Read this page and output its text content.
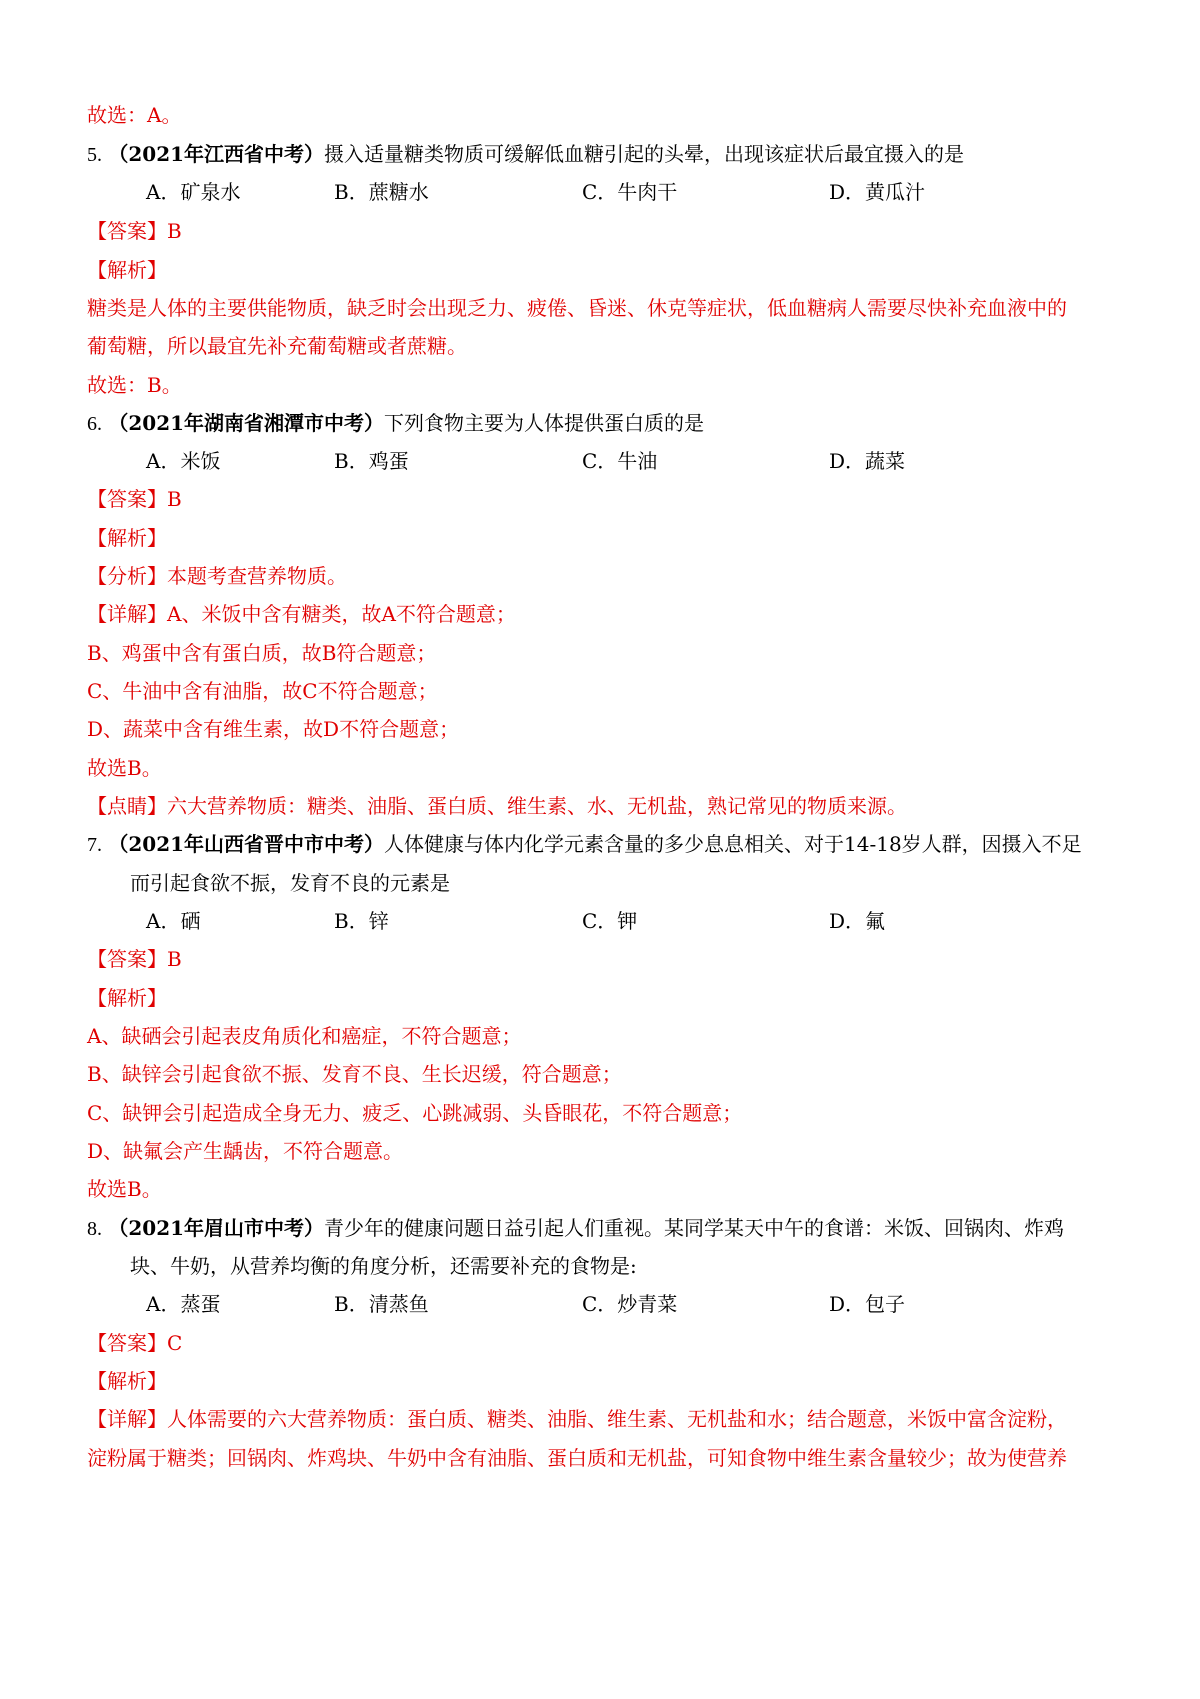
故选：A。
5. （2021年江西省中考）摄入适量糖类物质可缓解低血糖引起的头晕，出现该症状后最宜摄入的是
A．矿泉水	B．蔗糖水	C．牛肉干	D．黄瓜汁
【答案】B
【解析】
糖类是人体的主要供能物质，缺乏时会出现乏力、疲倦、昏迷、休克等症状，低血糖病人需要尽快补充血液中的
葡萄糖，所以最宜先补充葡萄糖或者蔗糖。
故选：B。
6. （2021年湖南省湘潭市中考）下列食物主要为人体提供蛋白质的是
A．米饭	B．鸡蛋	C．牛油	D．蔬菜
【答案】B
【解析】
【分析】本题考查营养物质。
【详解】A、米饭中含有糖类，故A不符合题意；
B、鸡蛋中含有蛋白质，故B符合题意；
C、牛油中含有油脂，故C不符合题意；
D、蔬菜中含有维生素，故D不符合题意；
故选B。
【点睛】六大营养物质：糖类、油脂、蛋白质、维生素、水、无机盐，熟记常见的物质来源。
7. （2021年山西省晋中市中考）人体健康与体内化学元素含量的多少息息相关、对于14-18岁人群，因摄入不足
而引起食欲不振，发育不良的元素是
A．硒	B．锌	C．钾	D．氟
【答案】B
【解析】
A、缺硒会引起表皮角质化和癌症，不符合题意；
B、缺锌会引起食欲不振、发育不良、生长迟缓，符合题意；
C、缺钾会引起造成全身无力、疲乏、心跳减弱、头昏眼花，不符合题意；
D、缺氟会产生龋齿，不符合题意。
故选B。
8. （2021年眉山市中考）青少年的健康问题日益引起人们重视。某同学某天中午的食谱：米饭、回锅肉、炸鸡
块、牛奶，从营养均衡的角度分析，还需要补充的食物是:
A．蒸蛋	B．清蒸鱼	C．炒青菜	D．包子
【答案】C
【解析】
【详解】人体需要的六大营养物质：蛋白质、糖类、油脂、维生素、无机盐和水；结合题意，米饭中富含淀粉，
淀粉属于糖类；回锅肉、炸鸡块、牛奶中含有油脂、蛋白质和无机盐，可知食物中维生素含量较少；故为使营养
